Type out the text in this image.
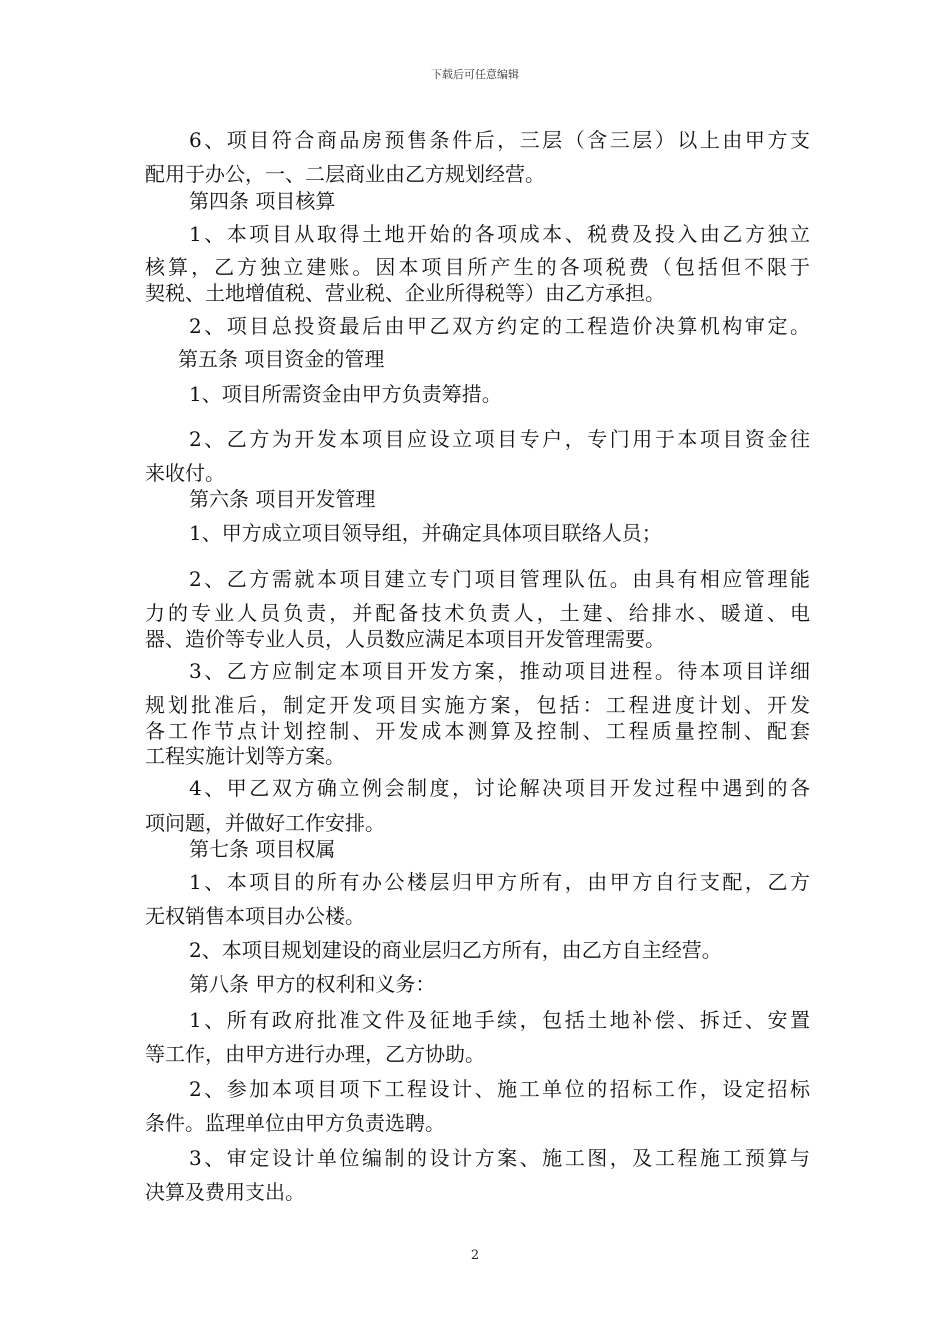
下载后可任意编辑
6、项目符合商品房预售条件后，三层（含三层）以上由甲方支
配用于办公，一、二层商业由乙方规划经营。
第四条 项目核算
1、本项目从取得土地开始的各项成本、税费及投入由乙方独立
核算，乙方独立建账。因本项目所产生的各项税费（包括但不限于
契税、土地增值税、营业税、企业所得税等）由乙方承担。
2、项目总投资最后由甲乙双方约定的工程造价决算机构审定。
第五条 项目资金的管理
1、项目所需资金由甲方负责筹措。
2、乙方为开发本项目应设立项目专户，专门用于本项目资金往
来收付。
第六条 项目开发管理
1、甲方成立项目领导组，并确定具体项目联络人员；
2、乙方需就本项目建立专门项目管理队伍。由具有相应管理能
力的专业人员负责，并配备技术负责人，土建、给排水、暖道、电
器、造价等专业人员，人员数应满足本项目开发管理需要。
3、乙方应制定本项目开发方案，推动项目进程。待本项目详细
规划批准后，制定开发项目实施方案，包括：工程进度计划、开发
各工作节点计划控制、开发成本测算及控制、工程质量控制、配套
工程实施计划等方案。
4、甲乙双方确立例会制度，讨论解决项目开发过程中遇到的各
项问题，并做好工作安排。
第七条 项目权属
1、本项目的所有办公楼层归甲方所有，由甲方自行支配，乙方
无权销售本项目办公楼。
2、本项目规划建设的商业层归乙方所有，由乙方自主经营。
第八条 甲方的权利和义务：
1、所有政府批准文件及征地手续，包括土地补偿、拆迁、安置
等工作，由甲方进行办理，乙方协助。
2、参加本项目项下工程设计、施工单位的招标工作，设定招标
条件。监理单位由甲方负责选聘。
3、审定设计单位编制的设计方案、施工图，及工程施工预算与
决算及费用支出。
2
